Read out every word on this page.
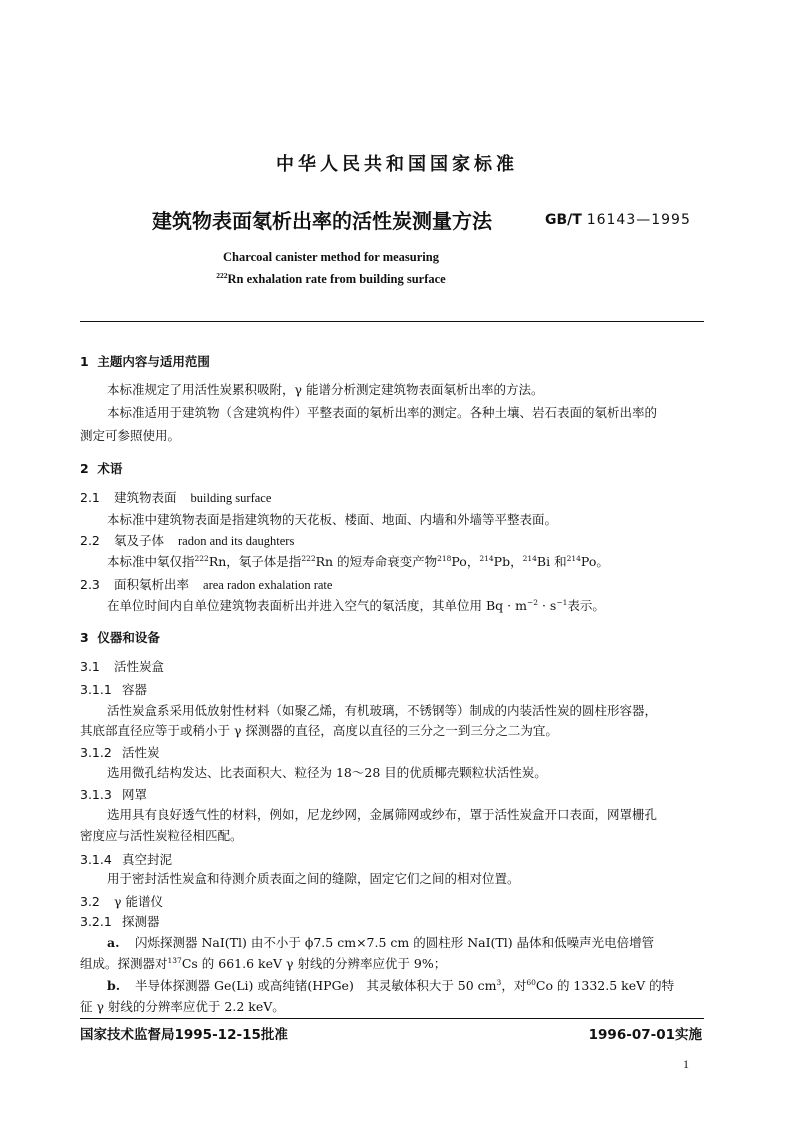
中华人民共和国国家标准
建筑物表面氡析出率的活性炭测量方法	GB/T 16143—1995
Charcoal canister method for measuring
$^{222}$Rn exhalation rate from building surface
1 主题内容与适用范围
本标准规定了用活性炭累积吸附，γ 能谱分析测定建筑物表面氡析出率的方法。
本标准适用于建筑物（含建筑构件）平整表面的氡析出率的测定。各种土壤、岩石表面的氡析出率的
测定可参照使用。
2 术语
2.1 建筑物表面 building surface
本标准中建筑物表面是指建筑物的天花板、楼面、地面、内墙和外墙等平整表面。
2.2 氡及子体 radon and its daughters
本标准中氡仅指$^{222}$Rn，氡子体是指$^{222}$Rn 的短寿命衰变产物$^{218}$Po，$^{214}$Pb，$^{214}$Bi 和$^{214}$Po。
2.3 面积氡析出率 area radon exhalation rate
在单位时间内自单位建筑物表面析出并进入空气的氡活度，其单位用 $Bq \cdot m^{-2} \cdot s^{-1}$表示。
3 仪器和设备
3.1 活性炭盒
3.1.1 容器
活性炭盒系采用低放射性材料（如聚乙烯，有机玻璃，不锈钢等）制成的内装活性炭的圆柱形容器，
其底部直径应等于或稍小于 γ 探测器的直径，高度以直径的三分之一到三分之二为宜。
3.1.2 活性炭
选用微孔结构发达、比表面积大、粒径为 18～28 目的优质椰壳颗粒状活性炭。
3.1.3 网罩
选用具有良好透气性的材料，例如，尼龙纱网，金属筛网或纱布，罩于活性炭盒开口表面，网罩栅孔
密度应与活性炭粒径相匹配。
3.1.4 真空封泥
用于密封活性炭盒和待测介质表面之间的缝隙，固定它们之间的相对位置。
3.2 γ 能谱仪
3.2.1 探测器
a. 闪烁探测器 NaI(Tl) 由不小于 ϕ7.5 cm×7.5 cm 的圆柱形 NaI(Tl) 晶体和低噪声光电倍增管
组成。探测器对$^{137}$Cs 的 661.6 keV γ 射线的分辨率应优于 9%；
b. 半导体探测器 Ge(Li) 或高纯锗(HPGe)　其灵敏体积大于 50 $cm^3$，对$^{60}$Co 的 1332.5 keV 的特
征 γ 射线的分辨率应优于 2.2 keV。
国家技术监督局1995-12-15批准	1996-07-01实施
1
